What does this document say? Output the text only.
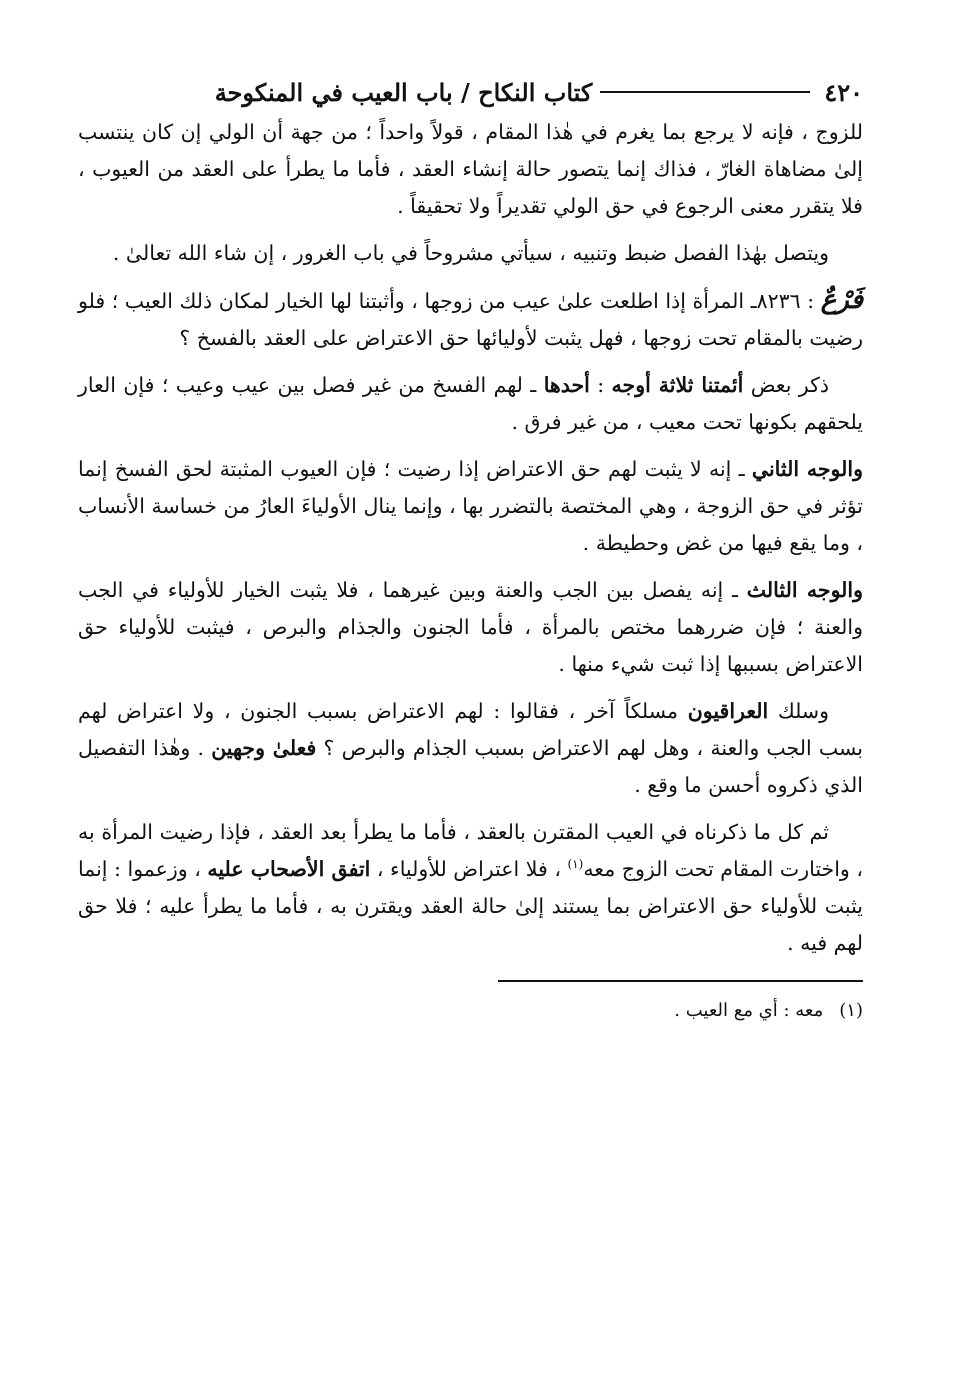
٤٢٠
كتاب النكاح / باب العيب في المنكوحة

للزوج ، فإنه لا يرجع بما يغرم في هٰذا المقام ، قولاً واحداً ؛ من جهة أن الولي إن كان ينتسب إلىٰ مضاهاة الغارّ ، فذاك إنما يتصور حالة إنشاء العقد ، فأما ما يطرأ على العقد من العيوب ، فلا يتقرر معنى الرجوع في حق الولي تقديراً ولا تحقيقاً .

ويتصل بهٰذا الفصل ضبط وتنبيه ، سيأتي مشروحاً في باب الغرور ، إن شاء الله تعالىٰ .

فَرْعٌ : ٨٢٣٦ـ المرأة إذا اطلعت علىٰ عيب من زوجها ، وأثبتنا لها الخيار لمكان ذلك العيب ؛ فلو رضيت بالمقام تحت زوجها ، فهل يثبت لأوليائها حق الاعتراض على العقد بالفسخ ؟

ذكر بعض أئمتنا ثلاثة أوجه : أحدها ـ لهم الفسخ من غير فصل بين عيب وعيب ؛ فإن العار يلحقهم بكونها تحت معيب ، من غير فرق .

والوجه الثاني ـ إنه لا يثبت لهم حق الاعتراض إذا رضيت ؛ فإن العيوب المثبتة لحق الفسخ إنما تؤثر في حق الزوجة ، وهي المختصة بالتضرر بها ، وإنما ينال الأولياءَ العارُ من خساسة الأنساب ، وما يقع فيها من غض وحطيطة .

والوجه الثالث ـ إنه يفصل بين الجب والعنة وبين غيرهما ، فلا يثبت الخيار للأولياء في الجب والعنة ؛ فإن ضررهما مختص بالمرأة ، فأما الجنون والجذام والبرص ، فيثبت للأولياء حق الاعتراض بسببها إذا ثبت شيء منها .

وسلك العراقيون مسلكاً آخر ، فقالوا : لهم الاعتراض بسبب الجنون ، ولا اعتراض لهم بسب الجب والعنة ، وهل لهم الاعتراض بسبب الجذام والبرص ؟ فعلىٰ وجهين . وهٰذا التفصيل الذي ذكروه أحسن ما وقع .

ثم كل ما ذكرناه في العيب المقترن بالعقد ، فأما ما يطرأ بعد العقد ، فإذا رضيت المرأة به ، واختارت المقام تحت الزوج معه$^{(١)}$ ، فلا اعتراض للأولياء ، اتفق الأصحاب عليه ، وزعموا : إنما يثبت للأولياء حق الاعتراض بما يستند إلىٰ حالة العقد ويقترن به ، فأما ما يطرأ عليه ؛ فلا حق لهم فيه .

(١)معه : أي مع العيب .
